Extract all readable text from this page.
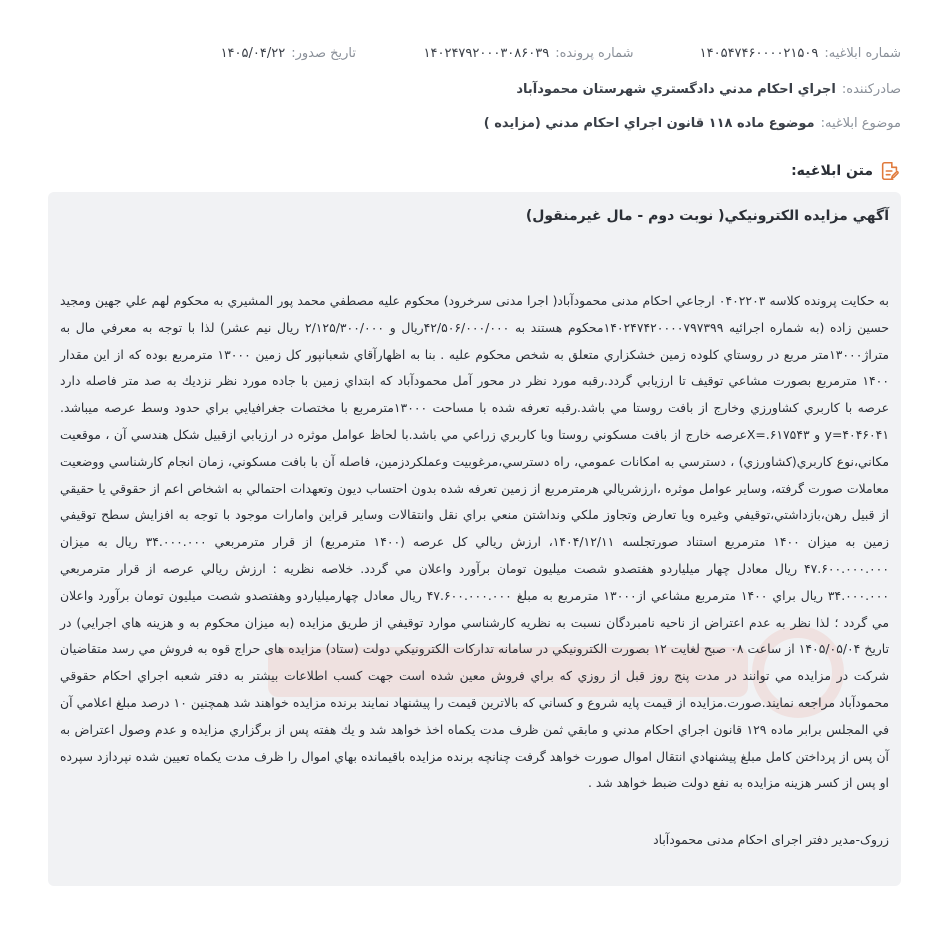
شماره ابلاغيه:
۱۴۰۵۴۷۴۶۰۰۰۰۲۱۵۰۹
شماره پرونده:
۱۴۰۲۴۷۹۲۰۰۰۳۰۸۶۰۳۹
تاريخ صدور:
۱۴۰۵/۰۴/۲۲
صادرکننده:
اجراي احكام مدني دادگستري شهرستان محمودآباد
موضوع ابلاغيه:
موضوع ماده ۱۱۸ قانون اجراي احكام مدني (مزايده )
متن ابلاغيه:
آگهي مزايده الكترونيكي( نوبت دوم - مال غيرمنقول)
به حكايت پرونده كلاسه ۰۴۰۲۲۰۳ ارجاعي احكام مدنى محمودآباد( اجرا مدنى سرخرود) محكوم عليه مصطفي محمد پور المشيري به محكوم لهم علي جهين ومجيد حسين زاده (به شماره اجرائيه ۱۴۰۲۴۷۴۲۰۰۰۰۷۹۷۳۹۹محكوم هستند به ۴۲/۵۰۶/۰۰۰/۰۰۰ريال و ۲/۱۲۵/۳۰۰/۰۰۰ ريال نيم عشر) لذا با توجه به معرفي مال به متراژ۱۳۰۰۰متر مربع در روستاي كلوده زمين خشكزاري متعلق به شخص محكوم عليه . بنا به اظهارآقاي شعبانپور كل زمين ۱۳۰۰۰ مترمربع بوده كه از اين مقدار ۱۴۰۰ مترمربع بصورت مشاعي توقيف تا ارزيابي گردد.رقبه مورد نظر در محور آمل محمودآباد كه ابتداي زمين با جاده مورد نظر نزديك به صد متر فاصله دارد عرصه با كاربري كشاورزي وخارج از بافت روستا مي باشد.رقبه تعرفه شده با مساحت ۱۳۰۰۰مترمربع با مختصات جغرافيايي براي حدود وسط عرصه ميباشد. ۴۰۴۶۰۴۱=y و ۶۱۷۵۴۳.=Xعرصه خارج از بافت مسكوني روستا وبا كاربري زراعي مي باشد.با لحاظ عوامل موثره در ارزيابي ازقبيل شكل هندسي آن ، موقعيت مكاني،نوع كاربري(كشاورزي) ، دسترسي به امكانات عمومي، راه دسترسي،مرغوبيت وعملكردزمين، فاصله آن با بافت مسكوني، زمان انجام كارشناسي ووضعيت معاملات صورت گرفته، وساير عوامل موثره ،ارزشريالي هرمترمربع از زمين تعرفه شده بدون احتساب ديون وتعهدات احتمالي به اشخاص اعم از حقوقي يا حقيقي از قبيل رهن،بازداشتي،توقيفي وغيره ويا تعارض وتجاوز ملكي ونداشتن منعي براي نقل وانتقالات وساير قراين وامارات موجود با توجه به افزايش سطح توقيفي زمين به ميزان ۱۴۰۰ مترمربع استناد صورتجلسه ۱۴۰۴/۱۲/۱۱، ارزش ريالي كل عرصه (۱۴۰۰ مترمربع) از قرار مترمربعي ۳۴.۰۰۰.۰۰۰ ريال به ميزان ۴۷.۶۰۰.۰۰۰.۰۰۰ ريال معادل چهار ميلياردو هفتصدو شصت ميليون تومان برآورد واعلان مي گردد. خلاصه نظريه : ارزش ريالي عرصه از قرار مترمربعي ۳۴.۰۰۰.۰۰۰ ريال براي ۱۴۰۰ مترمربع مشاعي از۱۳۰۰۰ مترمربع به مبلغ ۴۷.۶۰۰.۰۰۰.۰۰۰ ريال معادل چهارميلياردو وهفتصدو شصت ميليون تومان برآورد واعلان مي گردد ؛ لذا نظر به عدم اعتراض از ناحيه نامبردگان نسبت به نظريه كارشناسي موارد توقيفي از طريق مزايده (به ميزان محكوم به و هزينه هاي اجرايي) در تاريخ ۱۴۰۵/۰۵/۰۴ از ساعت ۰۸ صبح لغايت ۱۲ بصورت الكترونيكي در سامانه تداركات الكترونيكي دولت (ستاد) مزايده هاى حراج قوه به فروش مي رسد متقاضيان شركت در مزايده مي توانند در مدت پنج روز قبل از روزي كه براي فروش معين شده است جهت كسب اطلاعات بيشتر به دفتر شعبه اجراي احكام حقوقي محمودآباد مراجعه نمايند.صورت.مزايده از قيمت پايه شروع و كساني كه بالاترين قيمت را پيشنهاد نمايند برنده مزايده خواهند شد همچنين ۱۰ درصد مبلغ اعلامي آن في المجلس برابر ماده ۱۲۹ قانون اجراي احكام مدني و مابقي ثمن ظرف مدت يكماه اخذ خواهد شد و يك هفته پس از برگزاري مزايده و عدم وصول اعتراض به آن پس از پرداختن كامل مبلغ پيشنهادي انتقال اموال صورت خواهد گرفت چنانچه برنده مزايده باقيمانده بهاي اموال را ظرف مدت يكماه تعيين شده نپردازد سپرده او پس از كسر هزينه مزايده به نفع دولت ضبط خواهد شد .
زروک-مدیر دفتر اجرای احکام مدنی محمودآباد
